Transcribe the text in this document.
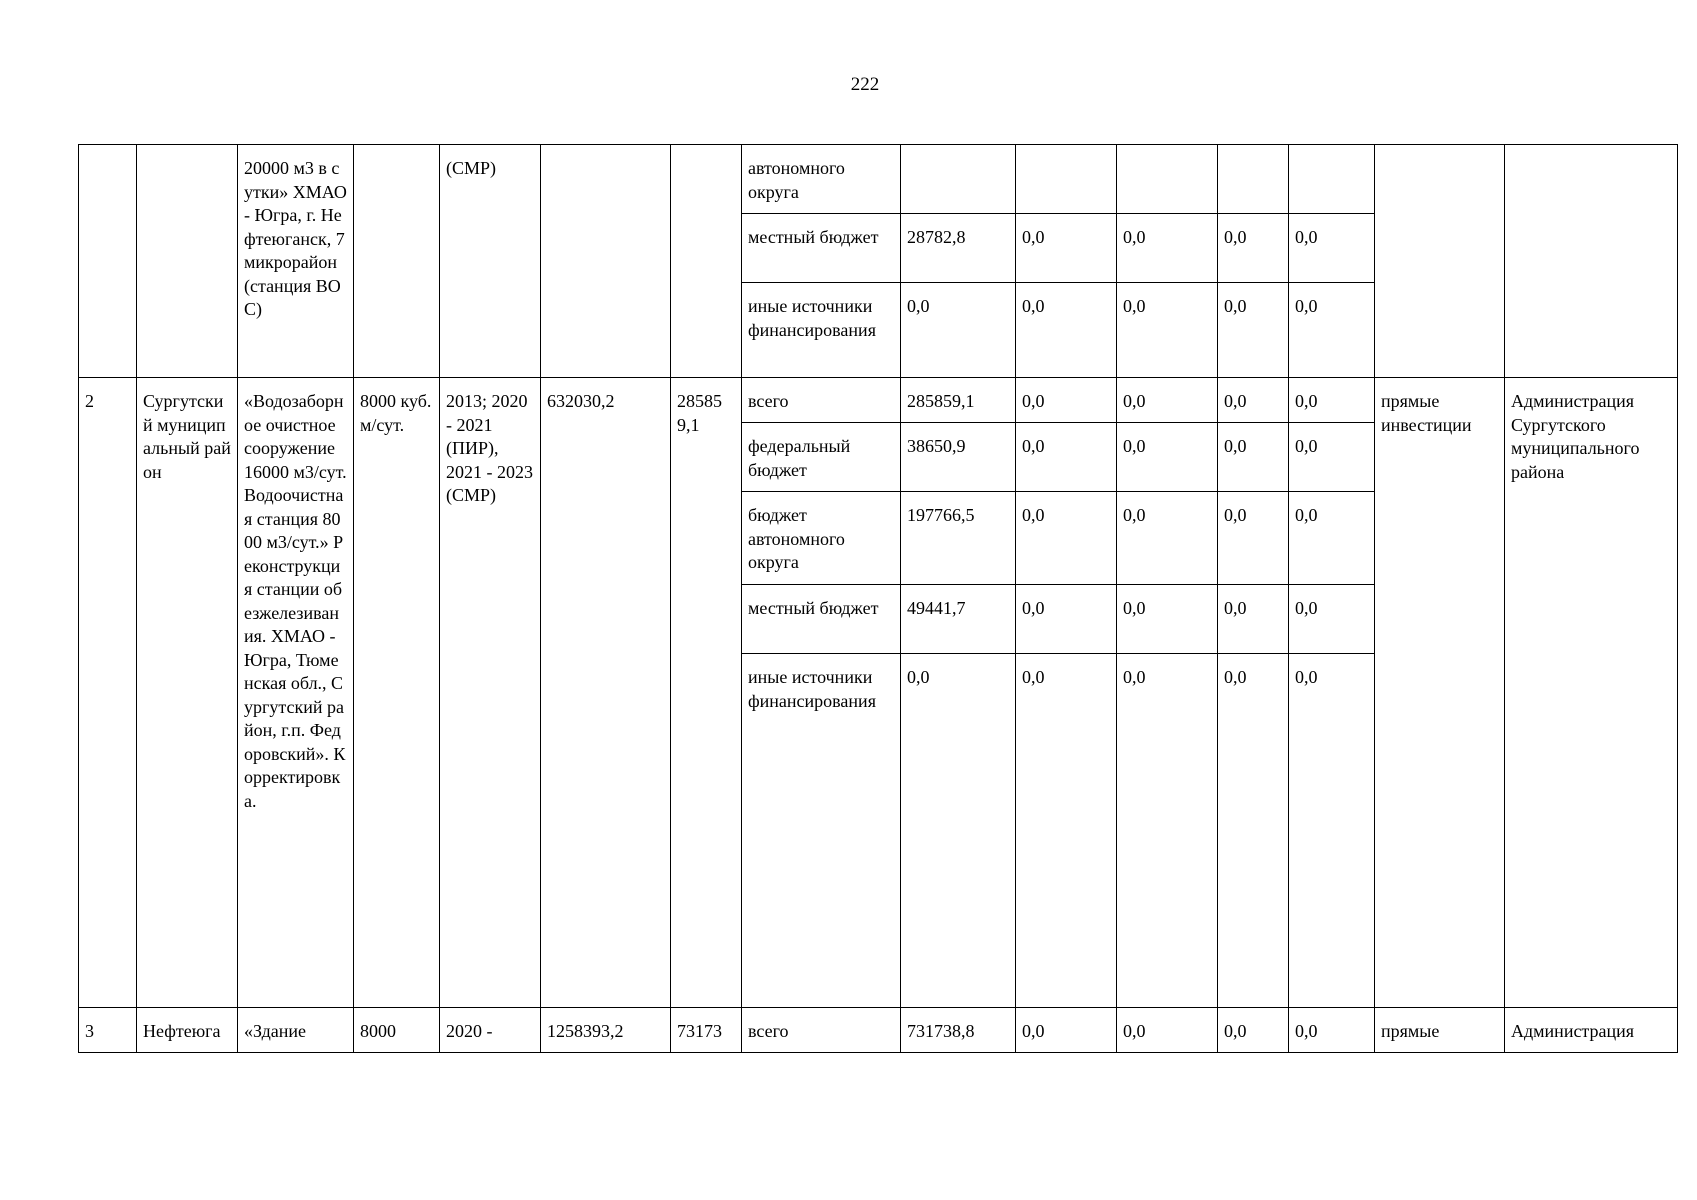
222
		20000 м3 в сутки» ХМАО - Югра, г. Нефтеюганск, 7 микрорайон (станция ВОС)		(СМР)			автономного округа							
							местный бюджет	28782,8	0,0	0,0	0,0	0,0		
							иные источники финансирования	0,0	0,0	0,0	0,0	0,0		
2	Сургутский муниципальный район	«Водозаборное очистное сооружение 16000 м3/сут. Водоочистная станция 8000 м3/сут.» Реконструкция станции обезжелезивания. ХМАО - Югра, Тюменская обл., Сургутский район, г.п. Федоровский». Корректировка.	8000 куб. м/сут.	2013; 2020 - 2021 (ПИР), 2021 - 2023 (СМР)	632030,2	285859,1	всего	285859,1	0,0	0,0	0,0	0,0	прямые инвестиции	Администрация Сургутского муниципального района
							федеральный бюджет	38650,9	0,0	0,0	0,0	0,0		
							бюджет автономного округа	197766,5	0,0	0,0	0,0	0,0		
							местный бюджет	49441,7	0,0	0,0	0,0	0,0		
							иные источники финансирования	0,0	0,0	0,0	0,0	0,0		
3	Нефтеюга	«Здание	8000	2020 -	1258393,2	73173	всего	731738,8	0,0	0,0	0,0	0,0	прямые	Администрация
